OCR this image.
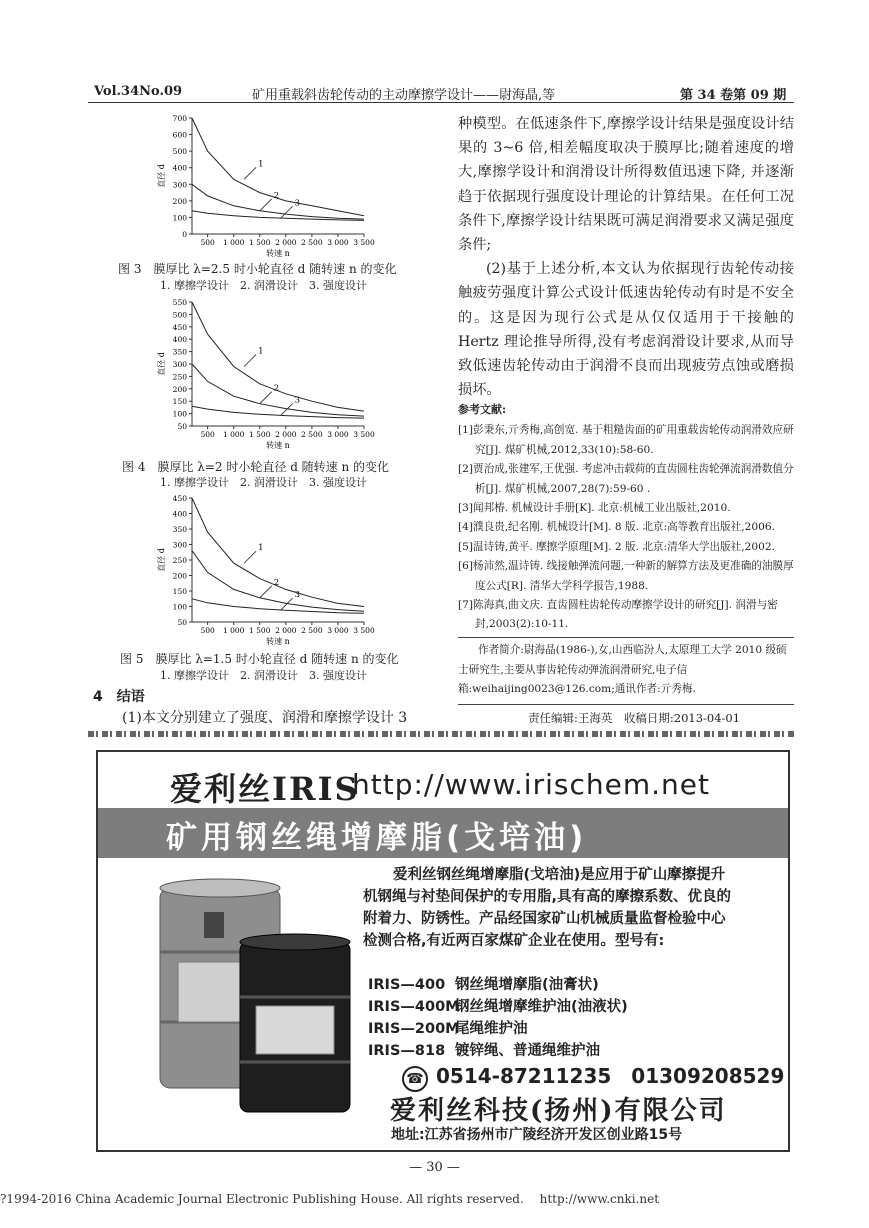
Vol.34No.09	矿用重载斜齿轮传动的主动摩擦学设计——尉海晶,等	第 34 卷第 09 期
0
100
200
300
400
500
600
700
500 1 000 1 500 2 000 2 500 3 000 3 500
转速 n
直径 d	1
2
3
图 3　膜厚比 λ=2.5 时小轮直径 d 随转速 n 的变化
1. 摩擦学设计　2. 润滑设计　3. 强度设计
50
100
150
200
250
300
350
400
450
500
550
500 1 000 1 500 2 000 2 500 3 000 3 500
转速 n
直径 d
1
2
3
图 4　膜厚比 λ=2 时小轮直径 d 随转速 n 的变化
1. 摩擦学设计　2. 润滑设计　3. 强度设计
50
100
150
200
250
300
350
400
450
500 1 000 1 500 2 000 2 500 3 000 3 500
转速 n
直径 d
1
2
3
图 5　膜厚比 λ=1.5 时小轮直径 d 随转速 n 的变化
1. 摩擦学设计　2. 润滑设计　3. 强度设计
4　结语
(1)本文分别建立了强度、润滑和摩擦学设计 3

种模型。在低速条件下,摩擦学设计结果是强度设计结果的 3~6 倍,相差幅度取决于膜厚比;随着速度的增大,摩擦学设计和润滑设计所得数值迅速下降, 并逐渐趋于依据现行强度设计理论的计算结果。在任何工况条件下,摩擦学设计结果既可满足润滑要求又满足强度条件;

(2)基于上述分析,本文认为依据现行齿轮传动接触疲劳强度计算公式设计低速齿轮传动有时是不安全的。这是因为现行公式是从仅仅适用于干接触的 Hertz 理论推导所得,没有考虑润滑设计要求,从而导致低速齿轮传动由于润滑不良而出现疲劳点蚀或磨损损坏。

参考文献:
[1]彭秉东,亓秀梅,高创宽. 基于粗糙齿面的矿用重载齿轮传动润滑效应研究[J]. 煤矿机械,2012,33(10):58-60.
[2]贾治成,张建军,王优强. 考虑冲击载荷的直齿圆柱齿轮弹流润滑数值分析[J]. 煤矿机械,2007,28(7):59-60 .
[3]闻邦椿. 机械设计手册[K]. 北京:机械工业出版社,2010.
[4]濮良贵,纪名刚. 机械设计[M]. 8 版. 北京:高等教育出版社,2006.
[5]温诗铸,黄平. 摩擦学原理[M]. 2 版. 北京:清华大学出版社,2002.
[6]杨沛然,温诗铸. 线接触弹流问题,一种新的解算方法及更准确的油膜厚度公式[R]. 清华大学科学报告,1988.
[7]陈海真,曲文庆. 直齿圆柱齿轮传动摩擦学设计的研究[J]. 润滑与密封,2003(2):10-11.
作者简介:尉海晶(1986-),女,山西临汾人,太原理工大学 2010 级硕士研究生,主要从事齿轮传动弹流润滑研究,电子信箱:weihaijing0023@126.com;通讯作者:亓秀梅.
责任编辑:王海英　收稿日期:2013-04-01
爱利丝IRIS
http://www.irischem.net
矿用钢丝绳增摩脂(戈培油)
爱利丝钢丝绳增摩脂(戈培油)是应用于矿山摩擦提升机钢绳与衬垫间保护的专用脂,具有高的摩擦系数、优良的附着力、防锈性。产品经国家矿山机械质量监督检验中心检测合格,有近两百家煤矿企业在使用。型号有:
IRIS—400 钢丝绳增摩脂(油膏状)
IRIS—400M钢丝绳增摩维护油(油液状)
IRIS—200M尾绳维护油
IRIS—818 镀锌绳、普通绳维护油
☎ 0514-87211235　01309208529
爱利丝科技(扬州)有限公司
地址:江苏省扬州市广陵经济开发区创业路15号
— 30 —
?1994-2016 China Academic Journal Electronic Publishing House. All rights reserved.　 http://www.cnki.net
